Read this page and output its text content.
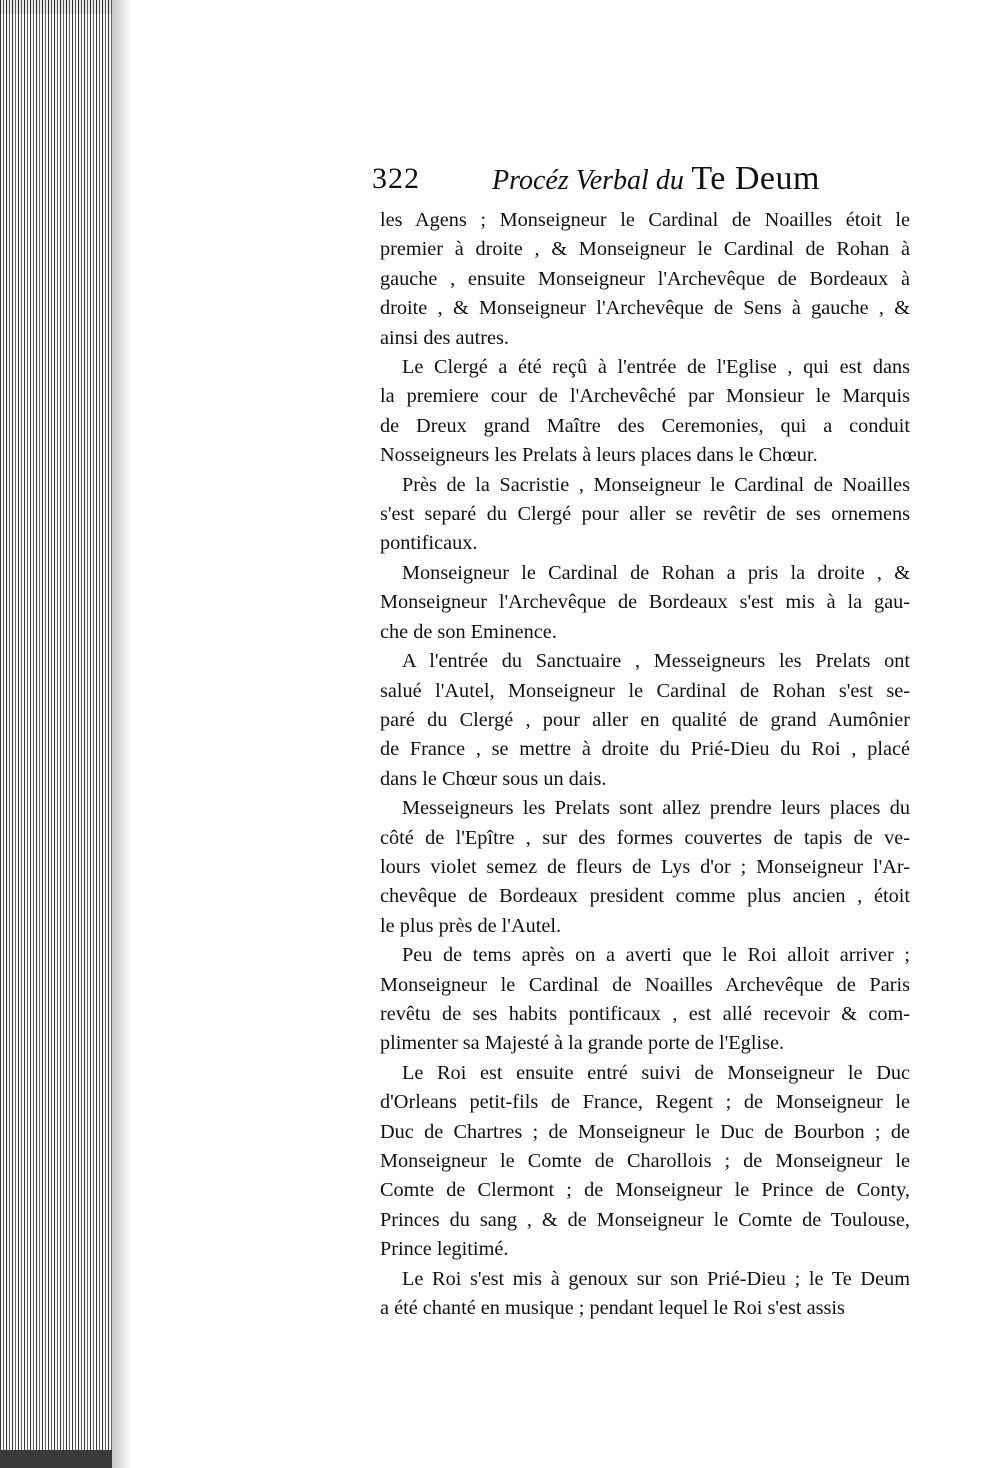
322	Procéz Verbal du Te Deum
les Agens ; Monseigneur le Cardinal de Noailles étoit le
premier à droite , & Monseigneur le Cardinal de Rohan à
gauche , ensuite Monseigneur l'Archevêque de Bordeaux à
droite , & Monseigneur l'Archevêque de Sens à gauche , &
ainsi des autres.
Le Clergé a été reçû à l'entrée de l'Eglise , qui est dans
la premiere cour de l'Archevêché par Monsieur le Marquis
de Dreux grand Maître des Ceremonies, qui a conduit
Nosseigneurs les Prelats à leurs places dans le Chœur.
Près de la Sacristie , Monseigneur le Cardinal de Noailles
s'est separé du Clergé pour aller se revêtir de ses ornemens
pontificaux.
Monseigneur le Cardinal de Rohan a pris la droite , &
Monseigneur l'Archevêque de Bordeaux s'est mis à la gau-
che de son Eminence.
A l'entrée du Sanctuaire , Messeigneurs les Prelats ont
salué l'Autel, Monseigneur le Cardinal de Rohan s'est se-
paré du Clergé , pour aller en qualité de grand Aumônier
de France , se mettre à droite du Prié-Dieu du Roi , placé
dans le Chœur sous un dais.
Messeigneurs les Prelats sont allez prendre leurs places du
côté de l'Epître , sur des formes couvertes de tapis de ve-
lours violet semez de fleurs de Lys d'or ; Monseigneur l'Ar-
chevêque de Bordeaux president comme plus ancien , étoit
le plus près de l'Autel.
Peu de tems après on a averti que le Roi alloit arriver ;
Monseigneur le Cardinal de Noailles Archevêque de Paris
revêtu de ses habits pontificaux , est allé recevoir & com-
plimenter sa Majesté à la grande porte de l'Eglise.
Le Roi est ensuite entré suivi de Monseigneur le Duc
d'Orleans petit-fils de France, Regent ; de Monseigneur le
Duc de Chartres ; de Monseigneur le Duc de Bourbon ; de
Monseigneur le Comte de Charollois ; de Monseigneur le
Comte de Clermont ; de Monseigneur le Prince de Conty,
Princes du sang , & de Monseigneur le Comte de Toulouse,
Prince legitimé.
Le Roi s'est mis à genoux sur son Prié-Dieu ; le Te Deum
a été chanté en musique ; pendant lequel le Roi s'est assis
